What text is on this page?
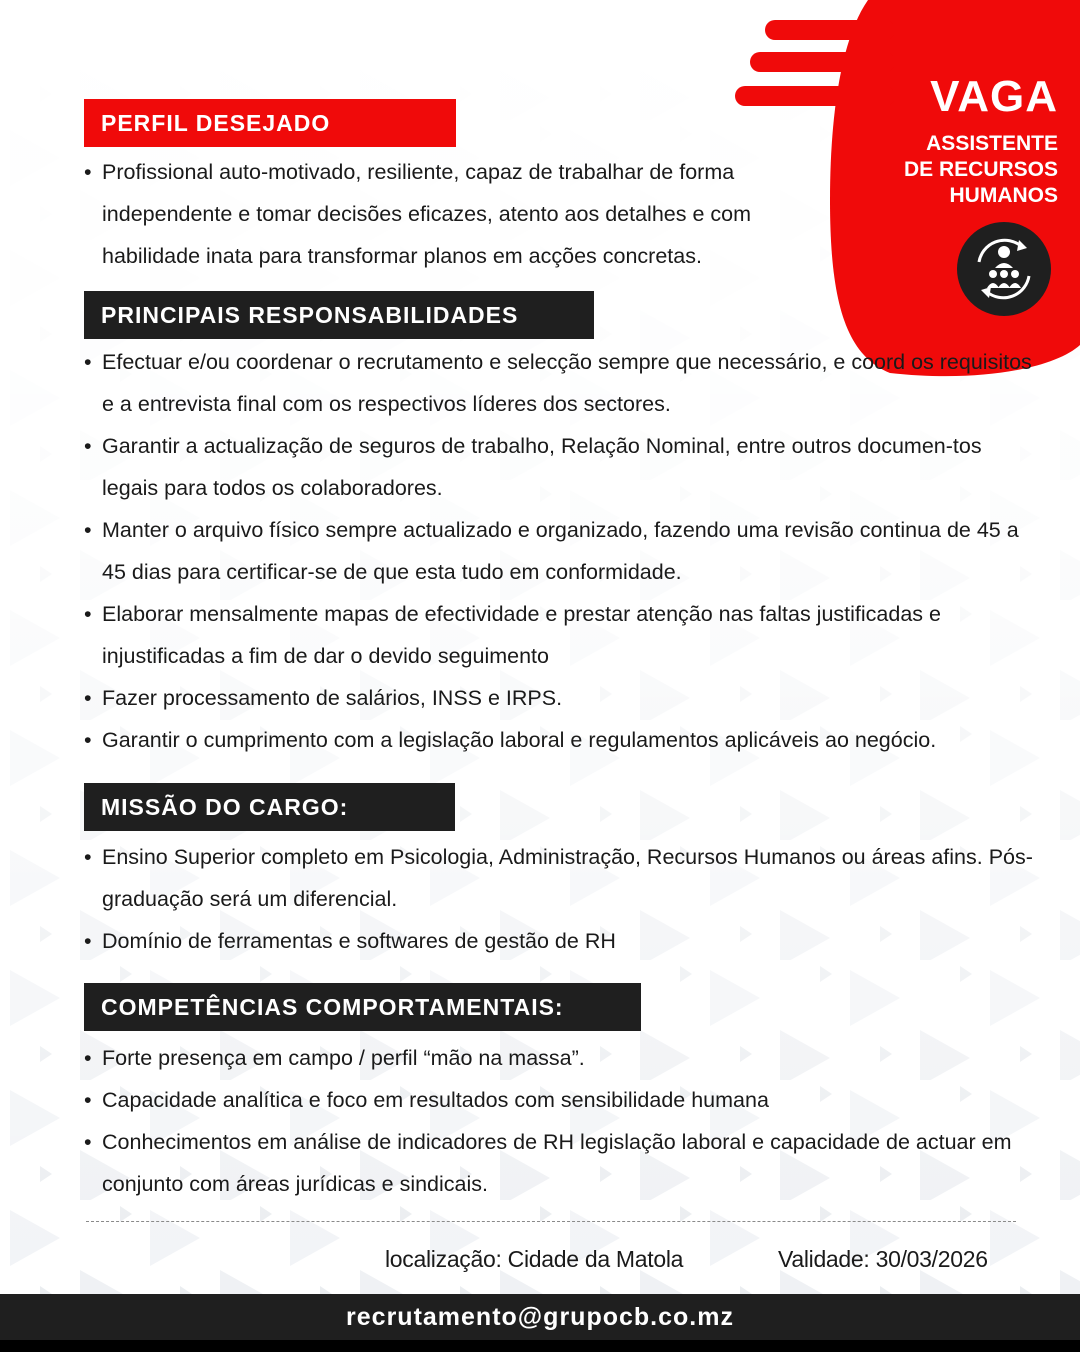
VAGA
ASSISTENTE
DE RECURSOS
HUMANOS
PERFIL DESEJADO
• Profissional auto-motivado, resiliente, capaz de trabalhar de forma independente e tomar decisões eficazes, atento aos detalhes e com habilidade inata para transformar planos em acções concretas.
PRINCIPAIS RESPONSABILIDADES
• Efectuar e/ou coordenar o recrutamento e selecção sempre que necessário, e coord os requisitos e a entrevista final com os respectivos líderes dos sectores.
• Garantir a actualização de seguros de trabalho, Relação Nominal, entre outros documen-tos legais para todos os colaboradores.
• Manter o arquivo físico sempre actualizado e organizado, fazendo uma revisão continua de 45 a 45 dias para certificar-se de que esta tudo em conformidade.
• Elaborar mensalmente mapas de efectividade e prestar atenção nas faltas justificadas e injustificadas a fim de dar o devido seguimento
• Fazer processamento de salários, INSS e IRPS.
• Garantir o cumprimento com a legislação laboral e regulamentos aplicáveis ao negócio.
MISSÃO DO CARGO:
• Ensino Superior completo em Psicologia, Administração, Recursos Humanos ou áreas afins. Pós-graduação será um diferencial.
• Domínio de ferramentas e softwares de gestão de RH
COMPETÊNCIAS COMPORTAMENTAIS:
• Forte presença em campo / perfil “mão na massa”.
• Capacidade analítica e foco em resultados com sensibilidade humana
• Conhecimentos em análise de indicadores de RH legislação laboral e capacidade de actuar em conjunto com áreas jurídicas e sindicais.
localização: Cidade da Matola	Validade: 30/03/2026
recrutamento@grupocb.co.mz
